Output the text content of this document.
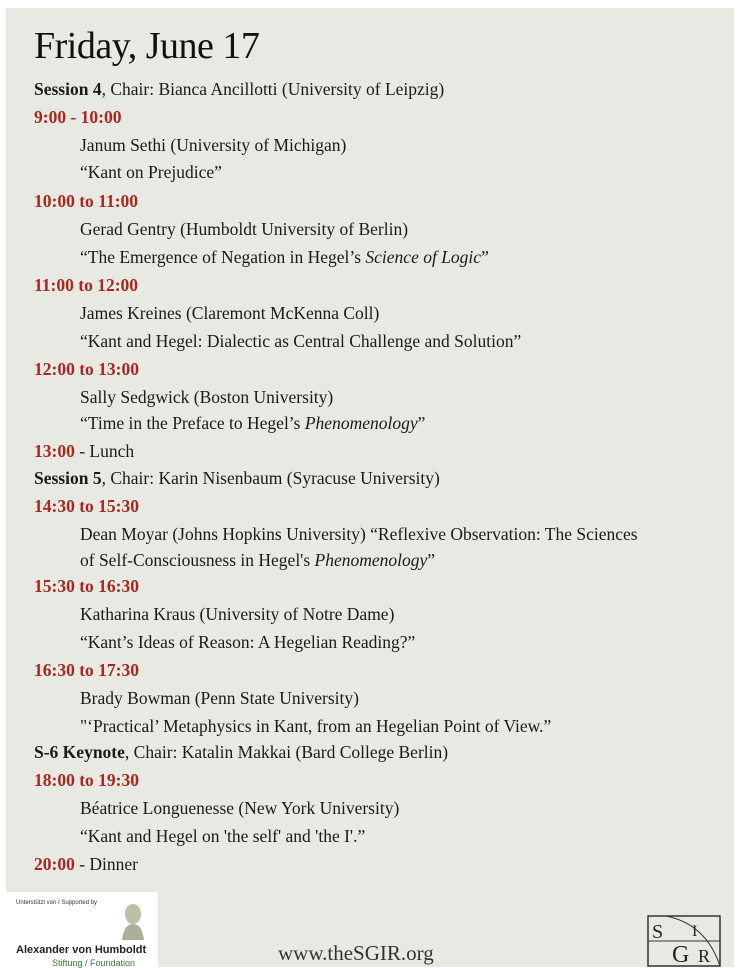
Friday, June 17
Session 4, Chair: Bianca Ancillotti (University of Leipzig)
9:00 - 10:00
Janum Sethi (University of Michigan)
“Kant on Prejudice”
10:00 to 11:00
Gerad Gentry (Humboldt University of Berlin)
“The Emergence of Negation in Hegel’s Science of Logic”
11:00 to 12:00
James Kreines (Claremont McKenna Coll)
“Kant and Hegel: Dialectic as Central Challenge and Solution”
12:00 to 13:00
Sally Sedgwick (Boston University)
“Time in the Preface to Hegel’s Phenomenology”
13:00 - Lunch
Session 5, Chair: Karin Nisenbaum (Syracuse University)
14:30 to 15:30
Dean Moyar (Johns Hopkins University) “Reflexive Observation: The Sciences
of Self-Consciousness in Hegel's Phenomenology”
15:30 to 16:30
Katharina Kraus (University of Notre Dame)
“Kant’s Ideas of Reason: A Hegelian Reading?”
16:30 to 17:30
Brady Bowman (Penn State University)
"‘Practical’ Metaphysics in Kant, from an Hegelian Point of View.”
S-6 Keynote, Chair: Katalin Makkai (Bard College Berlin)
18:00 to 19:30
Béatrice Longuenesse (New York University)
“Kant and Hegel on 'the self' and 'the I'.”
20:00 - Dinner
Unterstützt von / Supported by
Alexander von Humboldt
Stiftung / Foundation	www.theSGIR.org
S
G
I
R
